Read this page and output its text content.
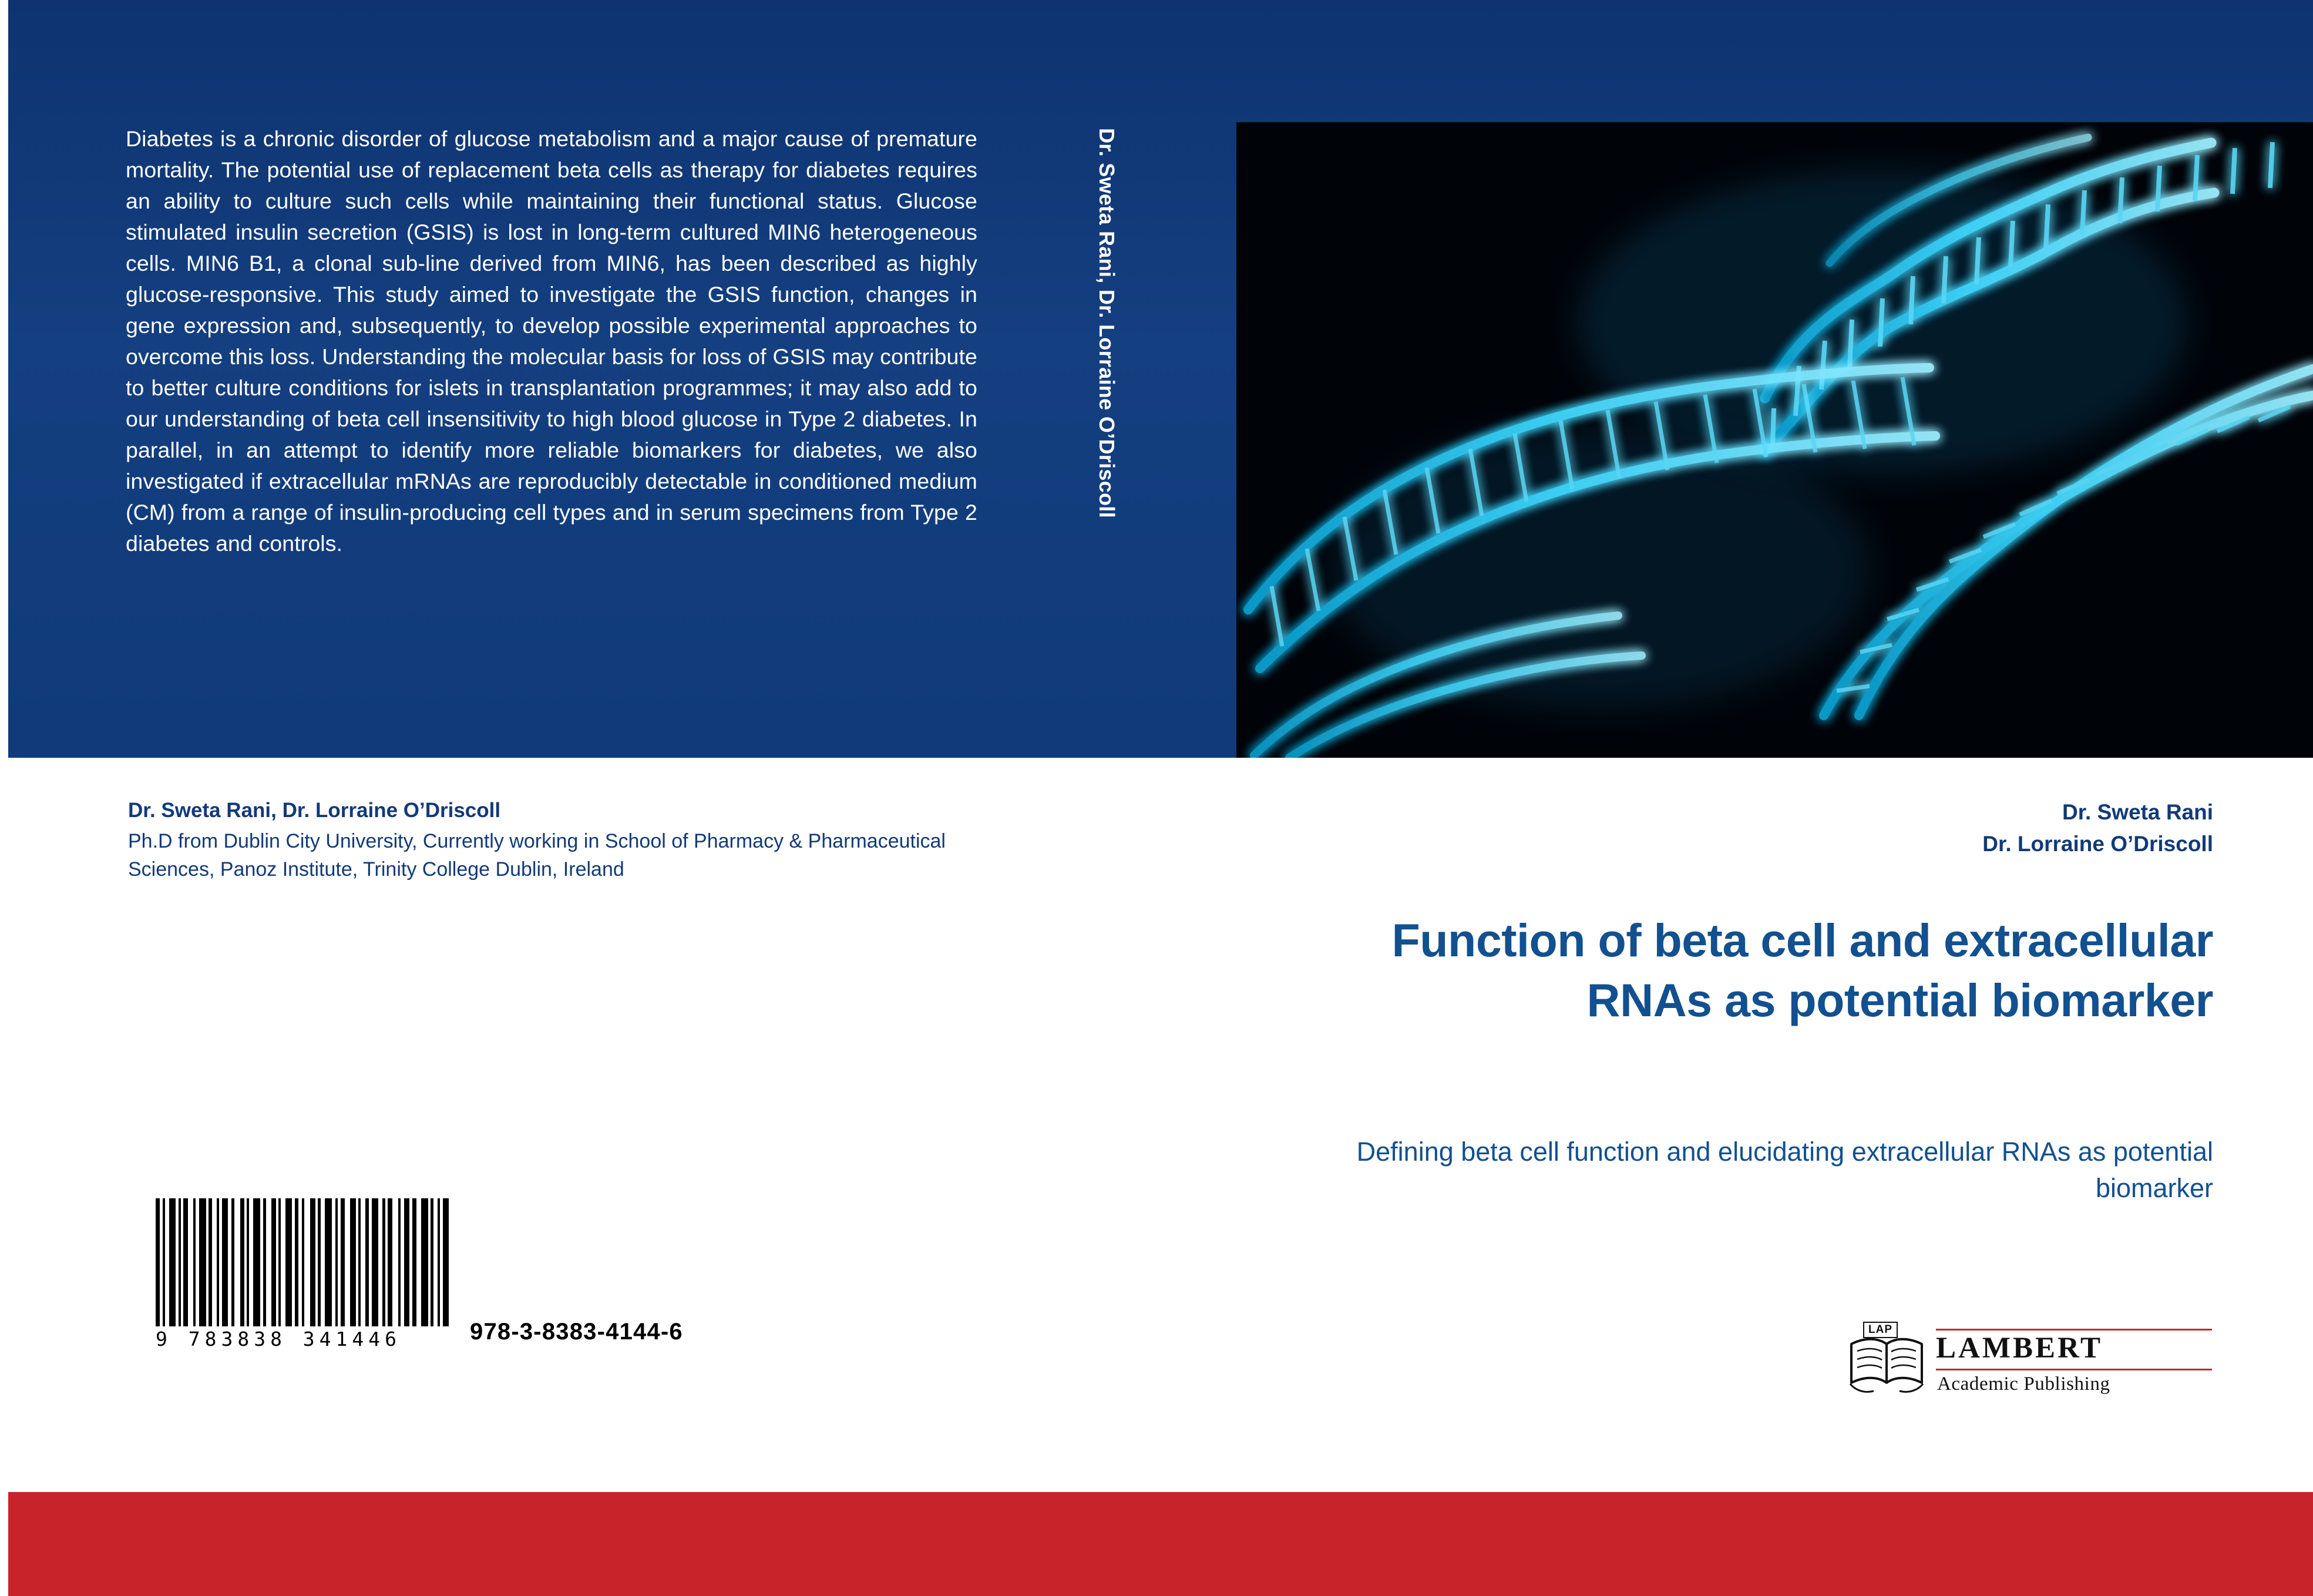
Diabetes is a chronic disorder of glucose metabolism and a major cause of premature mortality. The potential use of replacement beta cells as therapy for diabetes requires an ability to culture such cells while maintaining their functional status. Glucose stimulated insulin secretion (GSIS) is lost in long-term cultured MIN6 heterogeneous cells. MIN6 B1, a clonal sub-line derived from MIN6, has been described as highly glucose-responsive. This study aimed to investigate the GSIS function, changes in gene expression and, subsequently, to develop possible experimental approaches to overcome this loss. Understanding the molecular basis for loss of GSIS may contribute to better culture conditions for islets in transplantation programmes; it may also add to our understanding of beta cell insensitivity to high blood glucose in Type 2 diabetes. In parallel, in an attempt to identify more reliable biomarkers for diabetes, we also investigated if extracellular mRNAs are reproducibly detectable in conditioned medium (CM) from a range of insulin-producing cell types and in serum specimens from Type 2 diabetes and controls.
Dr. Sweta Rani, Dr. Lorraine O’Driscoll
Dr. Sweta Rani, Dr. Lorraine O’Driscoll
Ph.D from Dublin City University, Currently working in School of Pharmacy & Pharmaceutical Sciences, Panoz Institute, Trinity College Dublin, Ireland
9 783838 341446	978-3-8383-4144-6
Dr. Sweta Rani
Dr. Lorraine O’Driscoll
Function of beta cell and extracellular RNAs as potential biomarker
Defining beta cell function and elucidating extracellular RNAs as potential biomarker
LAP
LAMBERT
Academic Publishing
